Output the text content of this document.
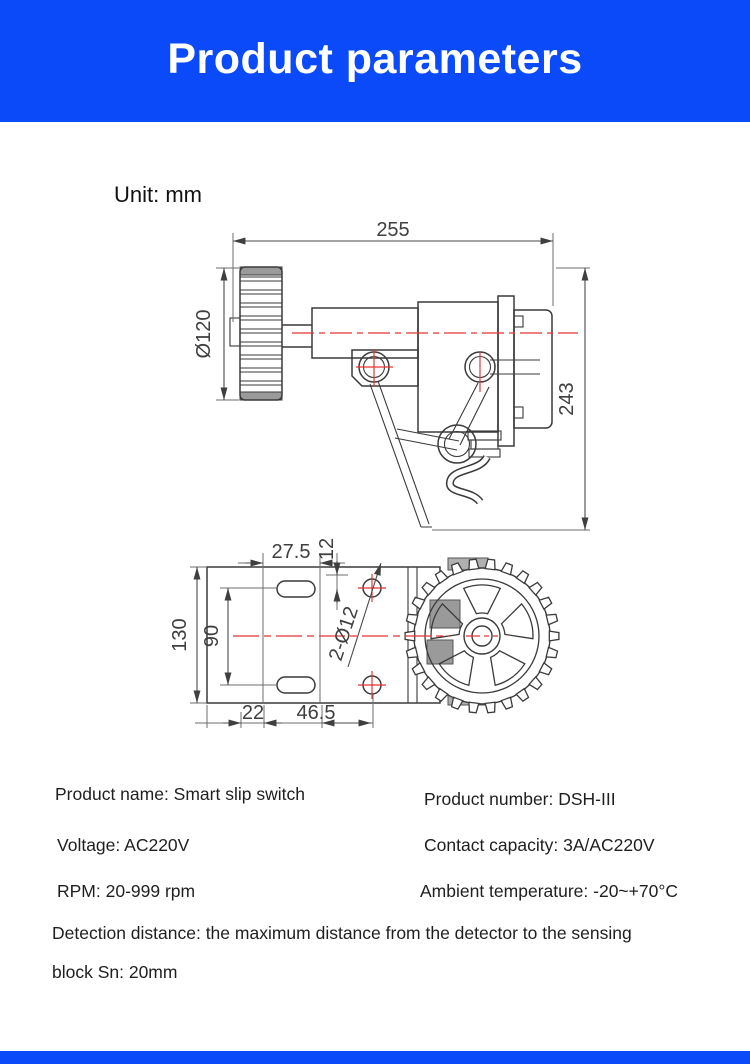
Product parameters
Unit: mm
255
Ø120
243
27.5 12
130 90
22 46.5
2-Ø12
Product name: Smart slip switch	Product number: DSH-III
Voltage: AC220V	Contact capacity: 3A/AC220V
RPM: 20-999 rpm	Ambient temperature: -20~+70°C
Detection distance: the maximum distance from the detector to the sensing
block Sn: 20mm
